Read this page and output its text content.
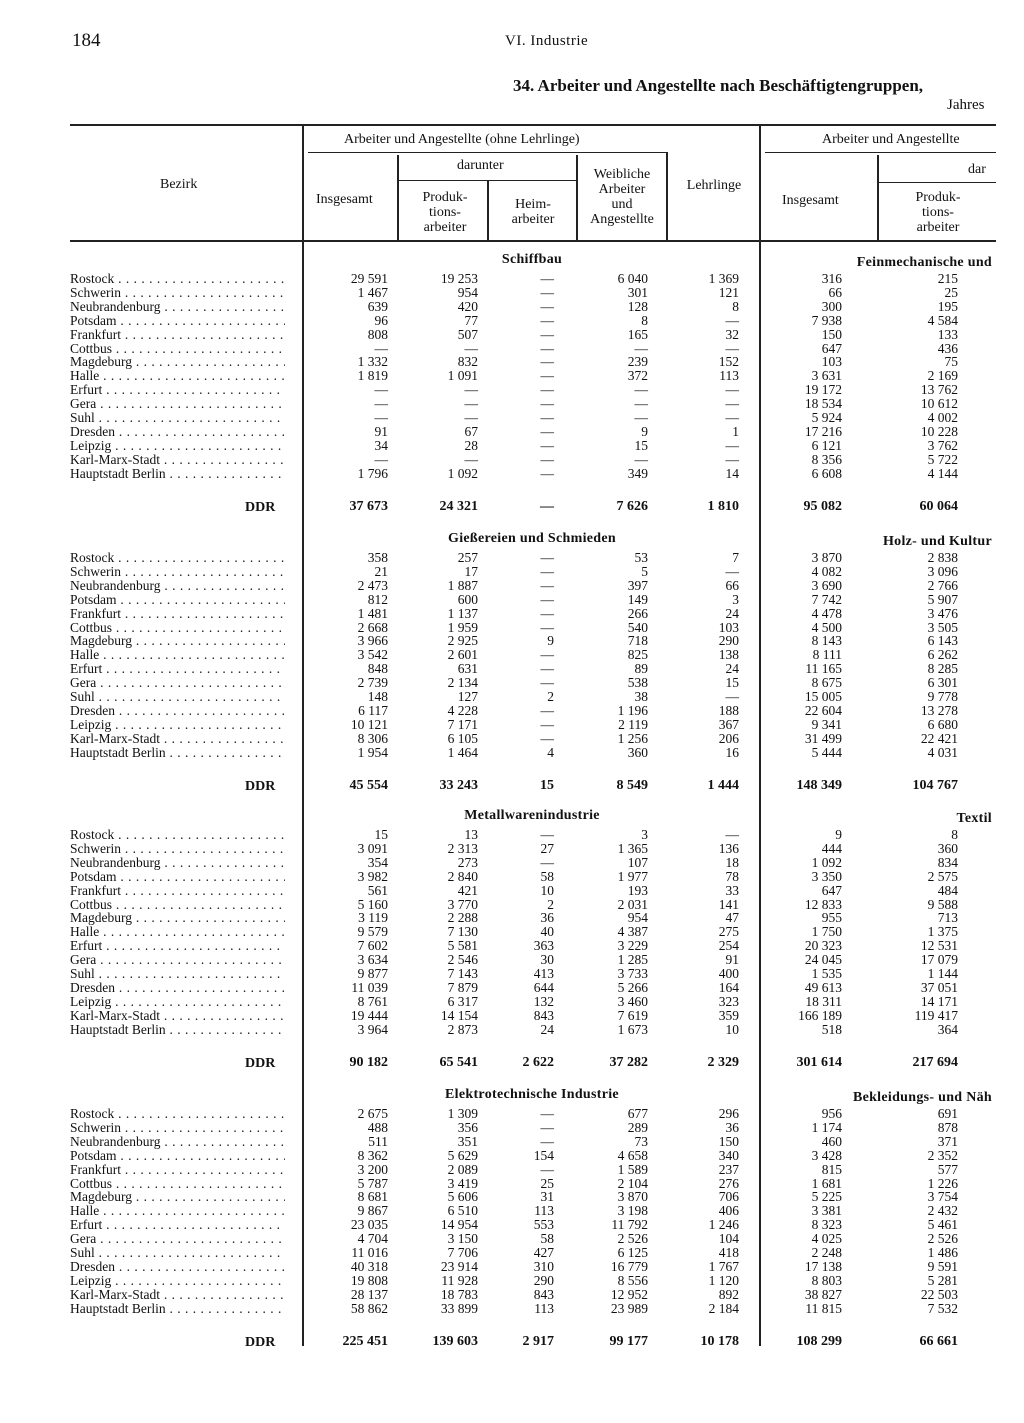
184	VI. Industrie
34. Arbeiter und Angestellte nach Beschäftigtengruppen,
Jahres
Bezirk
Arbeiter und Angestellte (ohne Lehrlinge)
darunter
Insgesamt	Produk-
tions-
arbeiter
Heim-
arbeiter
Weibliche
Arbeiter
und
Angestellte
Lehrlinge
Arbeiter und Angestellte
dar
Insgesamt	Produk-
tions-
arbeiter
Schiffbau	Feinmechanische und
Rostock . . .	29 591	19 253	—	6 040	1 369	316	215
Schwerin . . .	1 467	954	—	301	121	66	25
Neubrandenburg . . .	639	420	—	128	8	300	195
Potsdam . . .	96	77	—	8	—	7 938	4 584
Frankfurt . . .	808	507	—	165	32	150	133
Cottbus . . .	—	—	—	—	—	647	436
Magdeburg . . .	1 332	832	—	239	152	103	75
Halle . . .	1 819	1 091	—	372	113	3 631	2 169
Erfurt . . .	—	—	—	—	—	19 172	13 762
Gera . . .	—	—	—	—	—	18 534	10 612
Suhl . . .	—	—	—	—	—	5 924	4 002
Dresden . . .	91	67	—	9	1	17 216	10 228
Leipzig . . .	34	28	—	15	—	6 121	3 762
Karl-Marx-Stadt . . .	—	—	—	—	—	8 356	5 722
Hauptstadt Berlin . . .	1 796	1 092	—	349	14	6 608	4 144
DDR	37 673	24 321	—	7 626	1 810	95 082	60 064
Gießereien und Schmieden	Holz- und Kultur
Rostock . . .	358	257	—	53	7	3 870	2 838
Schwerin . . .	21	17	—	5	—	4 082	3 096
Neubrandenburg . . .	2 473	1 887	—	397	66	3 690	2 766
Potsdam . . .	812	600	—	149	3	7 742	5 907
Frankfurt . . .	1 481	1 137	—	266	24	4 478	3 476
Cottbus . . .	2 668	1 959	—	540	103	4 500	3 505
Magdeburg . . .	3 966	2 925	9	718	290	8 143	6 143
Halle . . .	3 542	2 601	—	825	138	8 111	6 262
Erfurt . . .	848	631	—	89	24	11 165	8 285
Gera . . .	2 739	2 134	—	538	15	8 675	6 301
Suhl . . .	148	127	2	38	—	15 005	9 778
Dresden . . .	6 117	4 228	—	1 196	188	22 604	13 278
Leipzig . . .	10 121	7 171	—	2 119	367	9 341	6 680
Karl-Marx-Stadt . . .	8 306	6 105	—	1 256	206	31 499	22 421
Hauptstadt Berlin . . .	1 954	1 464	4	360	16	5 444	4 031
DDR	45 554	33 243	15	8 549	1 444	148 349	104 767
Metallwarenindustrie	Textil
Rostock . . .	15	13	—	3	—	9	8
Schwerin . . .	3 091	2 313	27	1 365	136	444	360
Neubrandenburg . . .	354	273	—	107	18	1 092	834
Potsdam . . .	3 982	2 840	58	1 977	78	3 350	2 575
Frankfurt . . .	561	421	10	193	33	647	484
Cottbus . . .	5 160	3 770	2	2 031	141	12 833	9 588
Magdeburg . . .	3 119	2 288	36	954	47	955	713
Halle . . .	9 579	7 130	40	4 387	275	1 750	1 375
Erfurt . . .	7 602	5 581	363	3 229	254	20 323	12 531
Gera . . .	3 634	2 546	30	1 285	91	24 045	17 079
Suhl . . .	9 877	7 143	413	3 733	400	1 535	1 144
Dresden . . .	11 039	7 879	644	5 266	164	49 613	37 051
Leipzig . . .	8 761	6 317	132	3 460	323	18 311	14 171
Karl-Marx-Stadt . . .	19 444	14 154	843	7 619	359	166 189	119 417
Hauptstadt Berlin . . .	3 964	2 873	24	1 673	10	518	364
DDR	90 182	65 541	2 622	37 282	2 329	301 614	217 694
Elektrotechnische Industrie	Bekleidungs- und Näh
Rostock . . .	2 675	1 309	—	677	296	956	691
Schwerin . . .	488	356	—	289	36	1 174	878
Neubrandenburg . . .	511	351	—	73	150	460	371
Potsdam . . .	8 362	5 629	154	4 658	340	3 428	2 352
Frankfurt . . .	3 200	2 089	—	1 589	237	815	577
Cottbus . . .	5 787	3 419	25	2 104	276	1 681	1 226
Magdeburg . . .	8 681	5 606	31	3 870	706	5 225	3 754
Halle . . .	9 867	6 510	113	3 198	406	3 381	2 432
Erfurt . . .	23 035	14 954	553	11 792	1 246	8 323	5 461
Gera . . .	4 704	3 150	58	2 526	104	4 025	2 526
Suhl . . .	11 016	7 706	427	6 125	418	2 248	1 486
Dresden . . .	40 318	23 914	310	16 779	1 767	17 138	9 591
Leipzig . . .	19 808	11 928	290	8 556	1 120	8 803	5 281
Karl-Marx-Stadt . . .	28 137	18 783	843	12 952	892	38 827	22 503
Hauptstadt Berlin . . .	58 862	33 899	113	23 989	2 184	11 815	7 532
DDR	225 451	139 603	2 917	99 177	10 178	108 299	66 661
